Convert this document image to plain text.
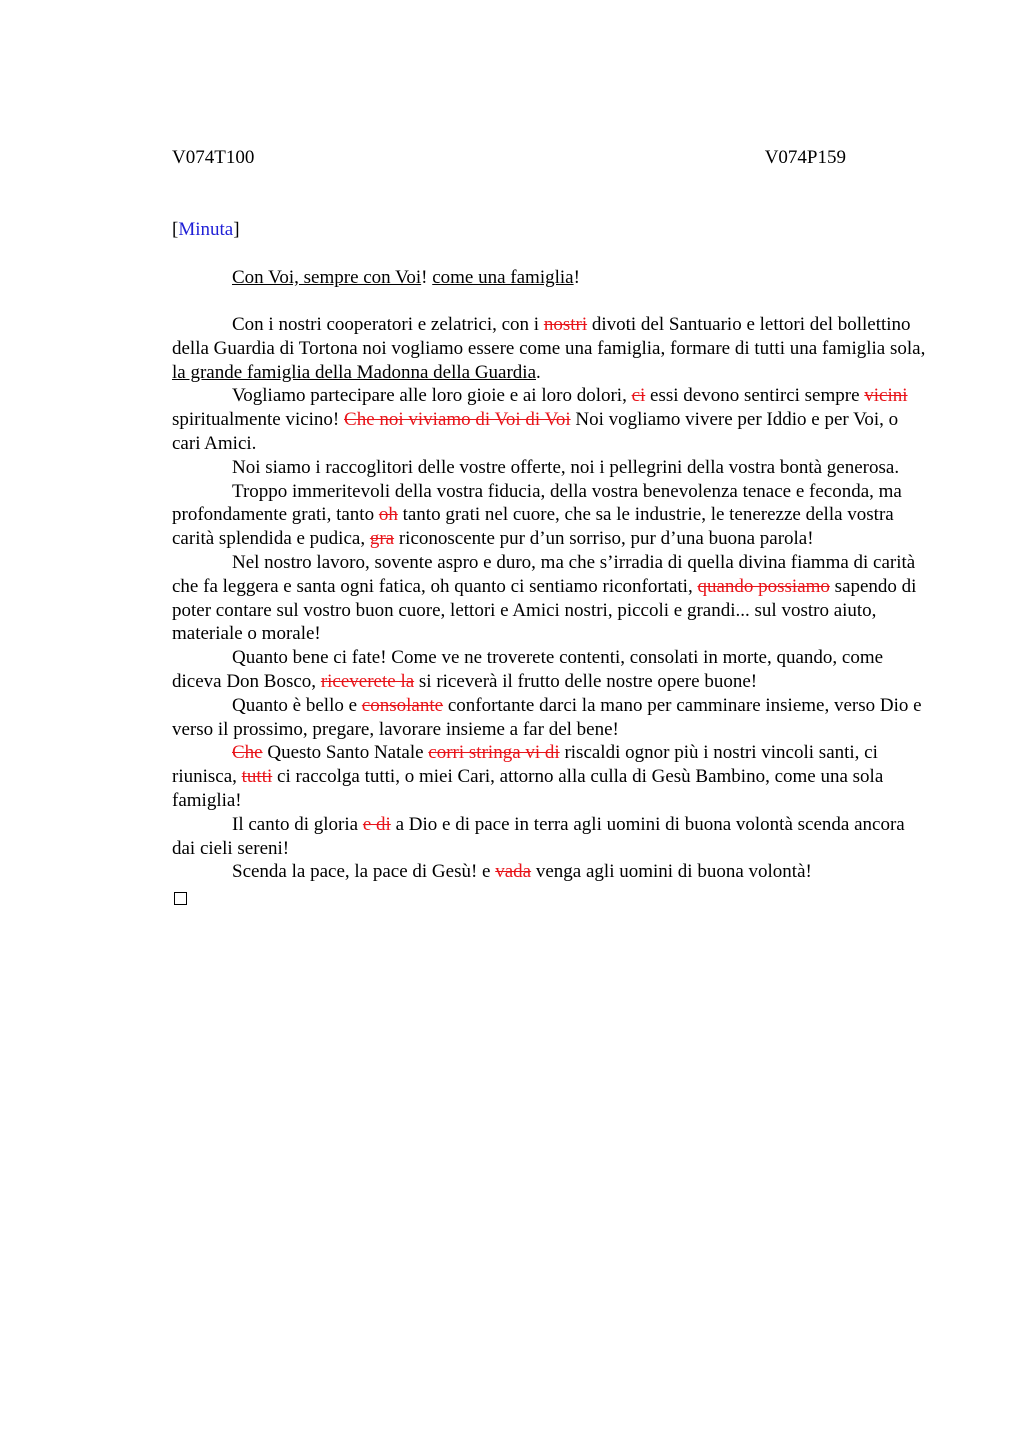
V074T100	V074P159
[Minuta]
Con Voi, sempre con Voi! come una famiglia!

Con i nostri cooperatori e zelatrici, con i nostri divoti del Santuario e lettori del bollettino della Guardia di Tortona noi vogliamo essere come una famiglia, formare di tutti una famiglia sola, la grande famiglia della Madonna della Guardia.

Vogliamo partecipare alle loro gioie e ai loro dolori, ci essi devono sentirci sempre vicini spiritualmente vicino! Che noi viviamo di Voi di Voi Noi vogliamo vivere per Iddio e per Voi, o cari Amici.

Noi siamo i raccoglitori delle vostre offerte, noi i pellegrini della vostra bontà generosa.

Troppo immeritevoli della vostra fiducia, della vostra benevolenza tenace e feconda, ma profondamente grati, tanto oh tanto grati nel cuore, che sa le industrie, le tenerezze della vostra carità splendida e pudica, gra riconoscente pur d’un sorriso, pur d’una buona parola!

Nel nostro lavoro, sovente aspro e duro, ma che s’irradia di quella divina fiamma di carità che fa leggera e santa ogni fatica, oh quanto ci sentiamo riconfortati, quando possiamo sapendo di poter contare sul vostro buon cuore, lettori e Amici nostri, piccoli e grandi... sul vostro aiuto, materiale o morale!

Quanto bene ci fate! Come ve ne troverete contenti, consolati in morte, quando, come diceva Don Bosco, riceverete la si riceverà il frutto delle nostre opere buone!

Quanto è bello e consolante confortante darci la mano per camminare insieme, verso Dio e verso il prossimo, pregare, lavorare insieme a far del bene!

Che Questo Santo Natale corri stringa vi di riscaldi ognor più i nostri vincoli santi, ci riunisca, tutti ci raccolga tutti, o miei Cari, attorno alla culla di Gesù Bambino, come una sola famiglia!

Il canto di gloria e di a Dio e di pace in terra agli uomini di buona volontà scenda ancora dai cieli sereni!

Scenda la pace, la pace di Gesù! e vada venga agli uomini di buona volontà!
